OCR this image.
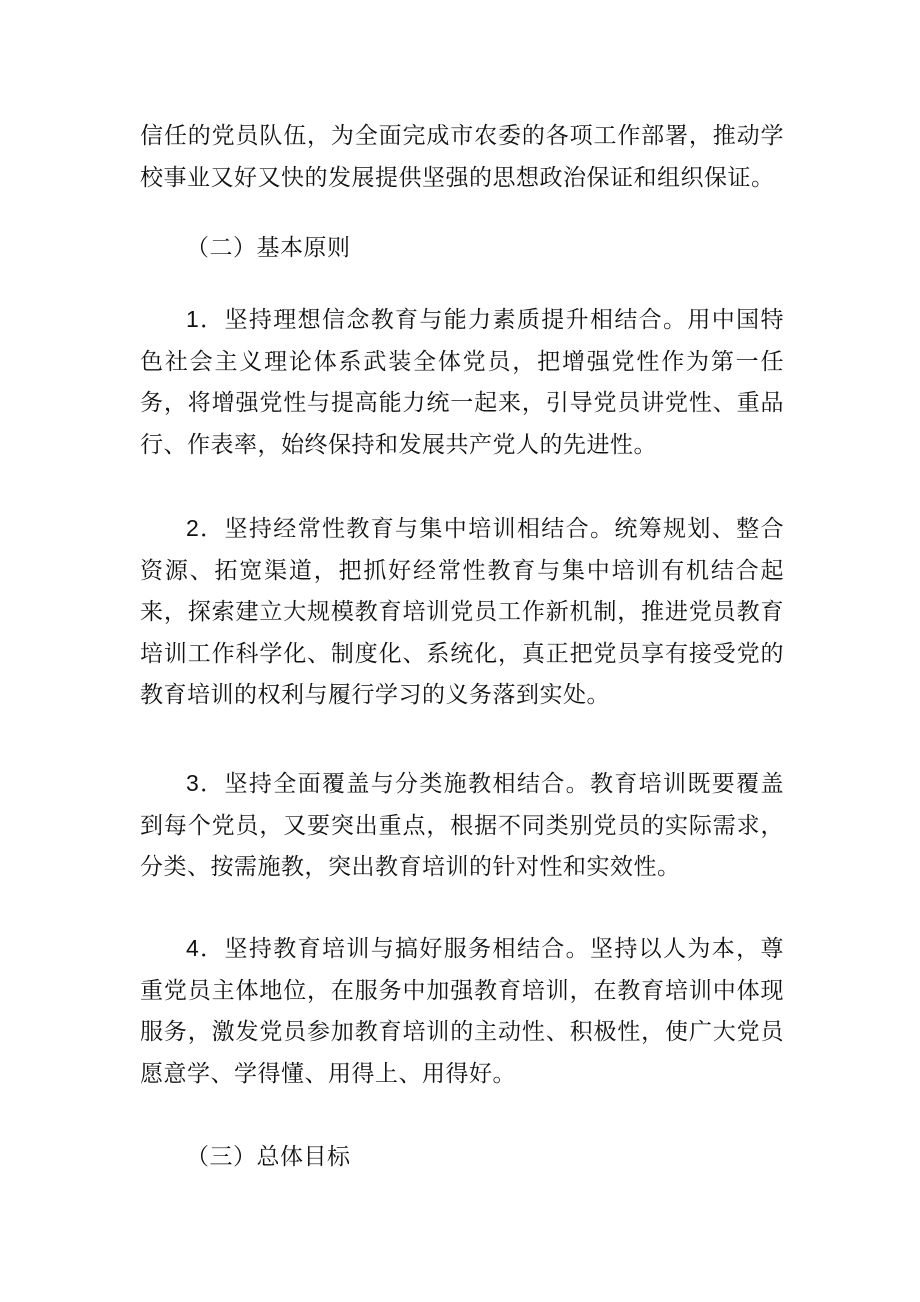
信任的党员队伍，为全面完成市农委的各项工作部署，推动学校事业又好又快的发展提供坚强的思想政治保证和组织保证。

（二）基本原则

1．坚持理想信念教育与能力素质提升相结合。用中国特色社会主义理论体系武装全体党员，把增强党性作为第一任务，将增强党性与提高能力统一起来，引导党员讲党性、重品行、作表率，始终保持和发展共产党人的先进性。

2．坚持经常性教育与集中培训相结合。统筹规划、整合资源、拓宽渠道，把抓好经常性教育与集中培训有机结合起来，探索建立大规模教育培训党员工作新机制，推进党员教育培训工作科学化、制度化、系统化，真正把党员享有接受党的教育培训的权利与履行学习的义务落到实处。

3．坚持全面覆盖与分类施教相结合。教育培训既要覆盖到每个党员，又要突出重点，根据不同类别党员的实际需求，分类、按需施教，突出教育培训的针对性和实效性。

4．坚持教育培训与搞好服务相结合。坚持以人为本，尊重党员主体地位，在服务中加强教育培训，在教育培训中体现服务，激发党员参加教育培训的主动性、积极性，使广大党员愿意学、学得懂、用得上、用得好。

（三）总体目标
